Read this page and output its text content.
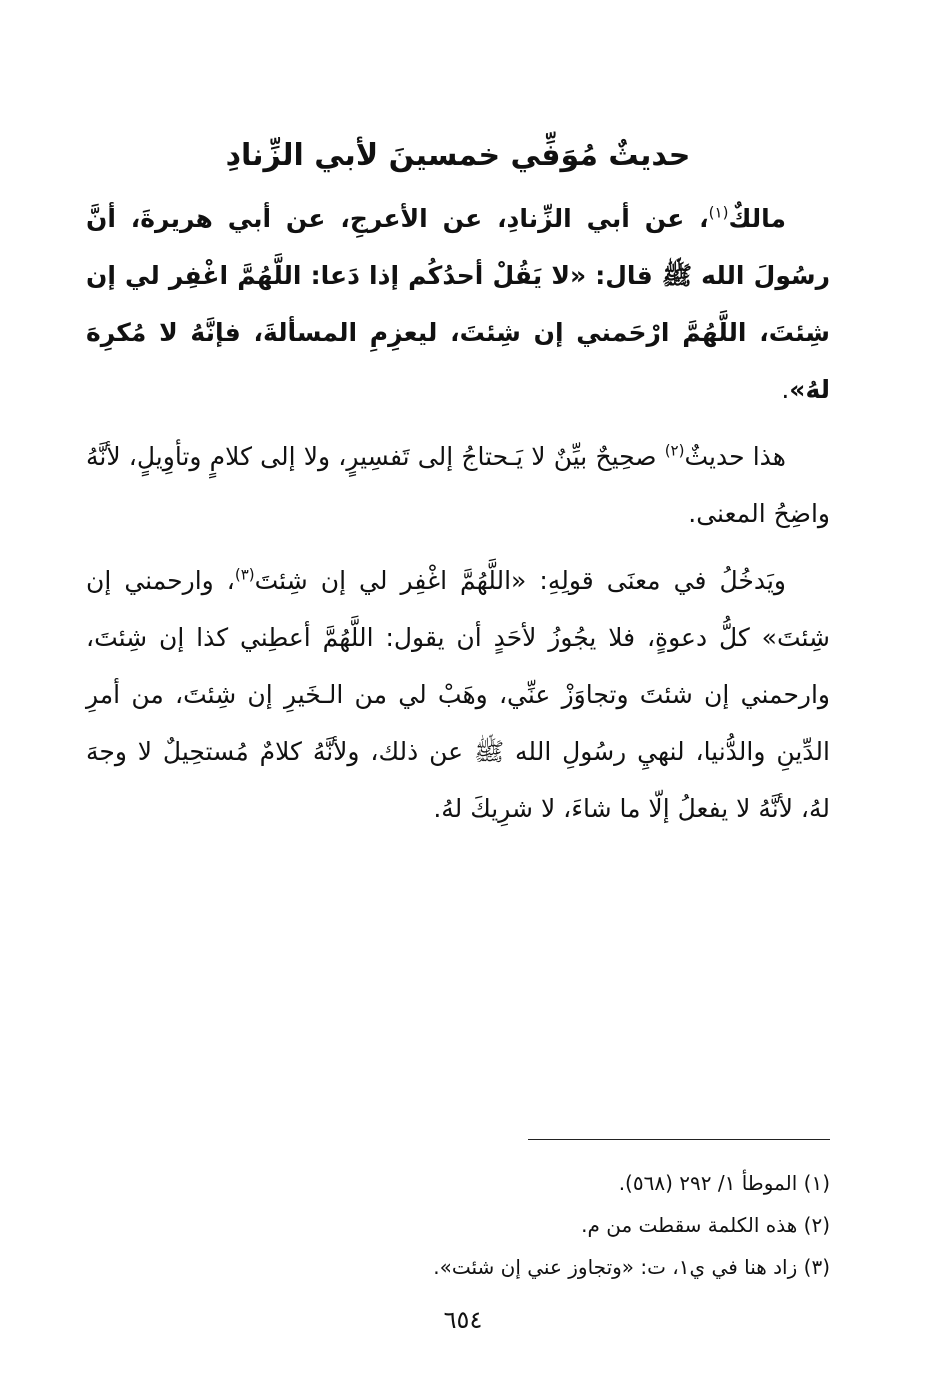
حديثٌ مُوَفِّي خمسينَ لأبي الزِّنادِ

مالكٌ$^{(١)}$، عن أبي الزِّنادِ، عن الأعرجِ، عن أبي هريرةَ، أنَّ رسُولَ الله ﷺ قال: «لا يَقُلْ أحدُكُم إذا دَعا: اللَّهُمَّ اغْفِر لي إن شِئتَ، اللَّهُمَّ ارْحَمني إن شِئتَ، ليعزِمِ المسألةَ، فإنَّهُ لا مُكرِهَ لهُ».

هذا حديثٌ$^{(٢)}$ صحِيحٌ بيِّنٌ لا يَـحتاجُ إلى تَفسِيرٍ، ولا إلى كلامٍ وتأوِيلٍ، لأنَّهُ واضِحُ المعنى.

ويَدخُلُ في معنَى قولِهِ: «اللَّهُمَّ اغْفِر لي إن شِئتَ$^{(٣)}$، وارحمني إن شِئتَ» كلُّ دعوةٍ، فلا يجُوزُ لأحَدٍ أن يقول: اللَّهُمَّ أعطِني كذا إن شِئتَ، وارحمني إن شئتَ وتجاوَزْ عنِّي، وهَبْ لي من الـخَيرِ إن شِئتَ، من أمرِ الدِّينِ والدُّنيا، لنهيِ رسُولِ الله ﷺ عن ذلك، ولأنَّهُ كلامٌ مُستحِيلٌ لا وجهَ لهُ، لأنَّهُ لا يفعلُ إلّا ما شاءَ، لا شرِيكَ لهُ.

(١) الموطأ ١/ ٢٩٢ (٥٦٨).

(٢) هذه الكلمة سقطت من م.

(٣) زاد هنا في ي١، ت: «وتجاوز عني إن شئت».

٦٥٤
